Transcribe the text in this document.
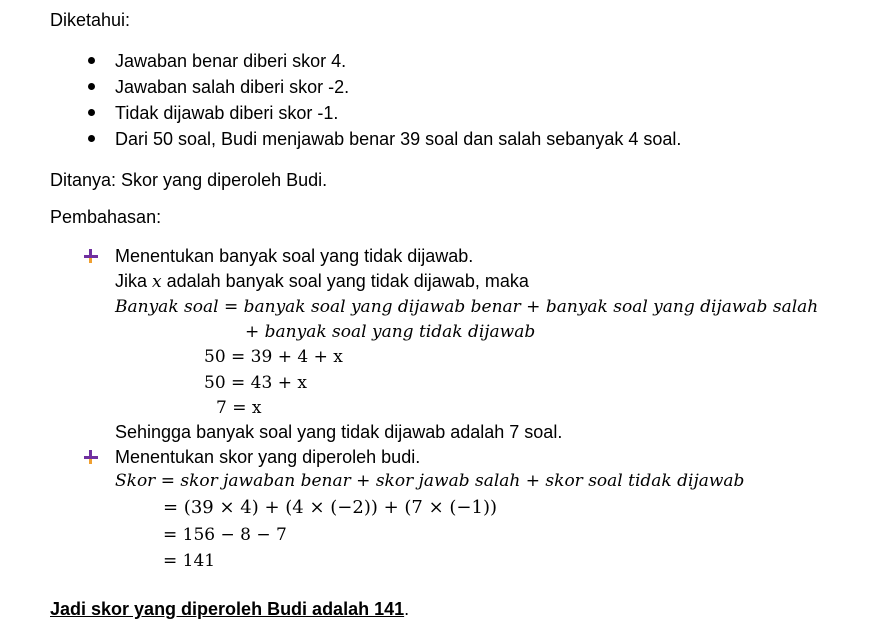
Diketahui:
Jawaban benar diberi skor 4.
Jawaban salah diberi skor -2.
Tidak dijawab diberi skor -1.
Dari 50 soal, Budi menjawab benar 39 soal dan salah sebanyak 4 soal.
Ditanya: Skor yang diperoleh Budi.
Pembahasan:
Menentukan banyak soal yang tidak dijawab.
Jika x adalah banyak soal yang tidak dijawab, maka
Banyak soal = banyak soal yang dijawab benar + banyak soal yang dijawab salah
+ banyak soal yang tidak dijawab
50 = 39 + 4 + x
50 = 43 + x
7 = x
Sehingga banyak soal yang tidak dijawab adalah 7 soal.
Menentukan skor yang diperoleh budi.
Skor = skor jawaban benar + skor jawab salah + skor soal tidak dijawab
= (39 × 4) + (4 × (−2)) + (7 × (−1))
= 156 − 8 − 7
= 141
Jadi skor yang diperoleh Budi adalah 141.
